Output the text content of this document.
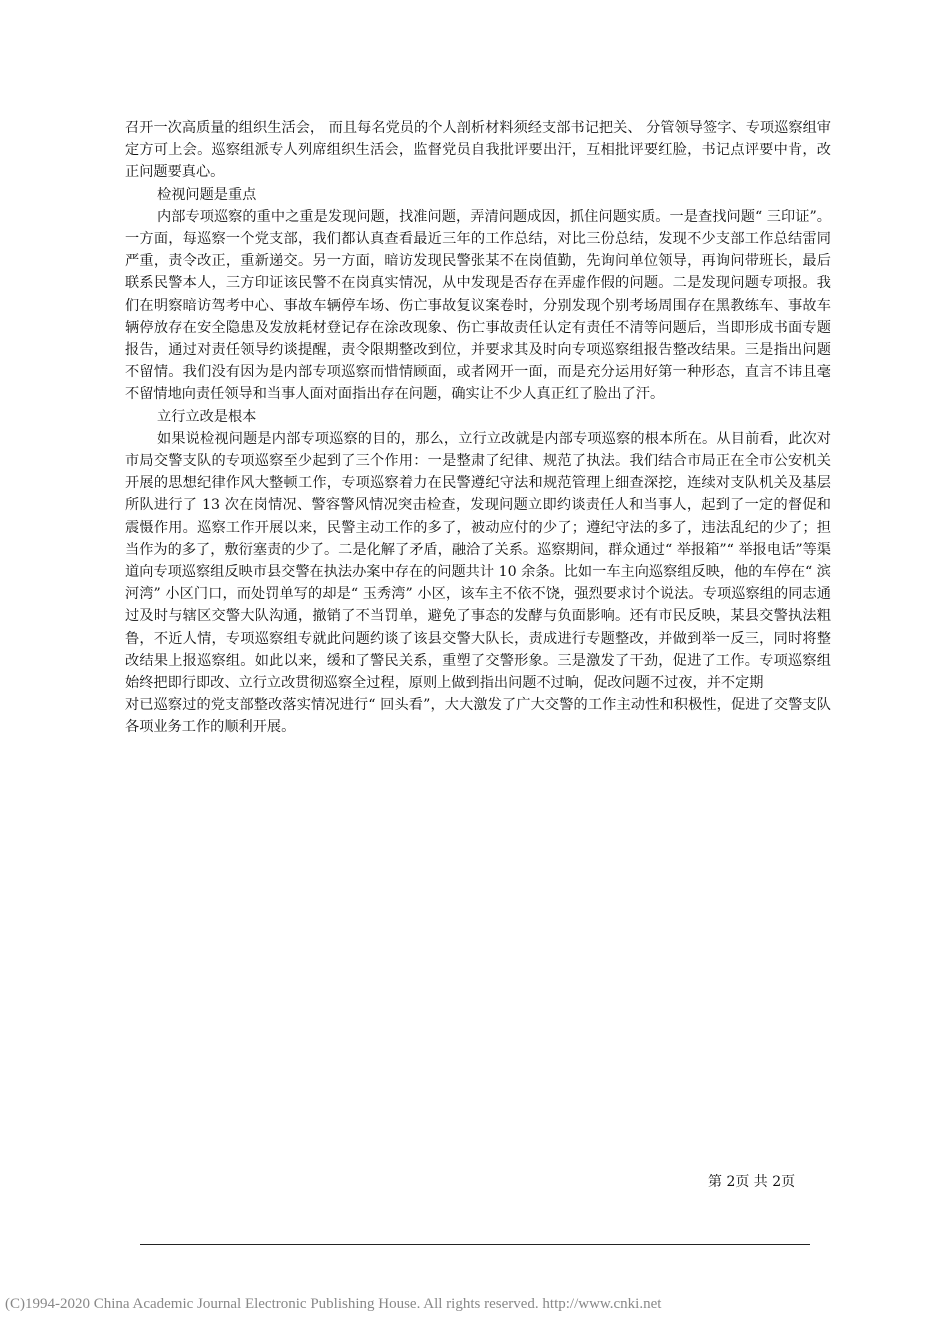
召开一次高质量的组织生活会， 而且每名党员的个人剖析材料须经支部书记把关、 分管领导签字、专项巡察组审定方可上会。巡察组派专人列席组织生活会，监督党员自我批评要出汗，互相批评要红脸，书记点评要中肯，改正问题要真心。

检视问题是重点

内部专项巡察的重中之重是发现问题，找准问题，弄清问题成因，抓住问题实质。一是查找问题“ 三印证”。一方面，每巡察一个党支部，我们都认真查看最近三年的工作总结，对比三份总结，发现不少支部工作总结雷同严重，责令改正，重新递交。另一方面，暗访发现民警张某不在岗值勤，先询问单位领导，再询问带班长，最后联系民警本人，三方印证该民警不在岗真实情况，从中发现是否存在弄虚作假的问题。二是发现问题专项报。我们在明察暗访驾考中心、事故车辆停车场、伤亡事故复议案卷时，分别发现个别考场周围存在黑教练车、事故车辆停放存在安全隐患及发放耗材登记存在涂改现象、伤亡事故责任认定有责任不清等问题后，当即形成书面专题报告，通过对责任领导约谈提醒，责令限期整改到位，并要求其及时向专项巡察组报告整改结果。三是指出问题不留情。我们没有因为是内部专项巡察而惜情顾面，或者网开一面，而是充分运用好第一种形态，直言不讳且毫不留情地向责任领导和当事人面对面指出存在问题，确实让不少人真正红了脸出了汗。

立行立改是根本

如果说检视问题是内部专项巡察的目的，那么，立行立改就是内部专项巡察的根本所在。从目前看，此次对市局交警支队的专项巡察至少起到了三个作用：一是整肃了纪律、规范了执法。我们结合市局正在全市公安机关开展的思想纪律作风大整顿工作，专项巡察着力在民警遵纪守法和规范管理上细查深挖，连续对支队机关及基层所队进行了 13 次在岗情况、警容警风情况突击检查，发现问题立即约谈责任人和当事人，起到了一定的督促和震慑作用。巡察工作开展以来，民警主动工作的多了，被动应付的少了；遵纪守法的多了，违法乱纪的少了；担当作为的多了，敷衍塞责的少了。二是化解了矛盾，融洽了关系。巡察期间，群众通过“ 举报箱”“ 举报电话”等渠道向专项巡察组反映市县交警在执法办案中存在的问题共计 10 余条。比如一车主向巡察组反映，他的车停在“ 滨河湾” 小区门口，而处罚单写的却是“ 玉秀湾” 小区，该车主不依不饶，强烈要求讨个说法。专项巡察组的同志通过及时与辖区交警大队沟通，撤销了不当罚单，避免了事态的发酵与负面影响。还有市民反映，某县交警执法粗鲁，不近人情，专项巡察组专就此问题约谈了该县交警大队长，责成进行专题整改，并做到举一反三，同时将整改结果上报巡察组。如此以来，缓和了警民关系，重塑了交警形象。三是激发了干劲，促进了工作。专项巡察组始终把即行即改、立行立改贯彻巡察全过程，原则上做到指出问题不过晌，促改问题不过夜，并不定期

对已巡察过的党支部整改落实情况进行“ 回头看”，大大激发了广大交警的工作主动性和积极性，促进了交警支队各项业务工作的顺利开展。

第 2页 共 2页
(C)1994-2020 China Academic Journal Electronic Publishing House. All rights reserved. http://www.cnki.net
